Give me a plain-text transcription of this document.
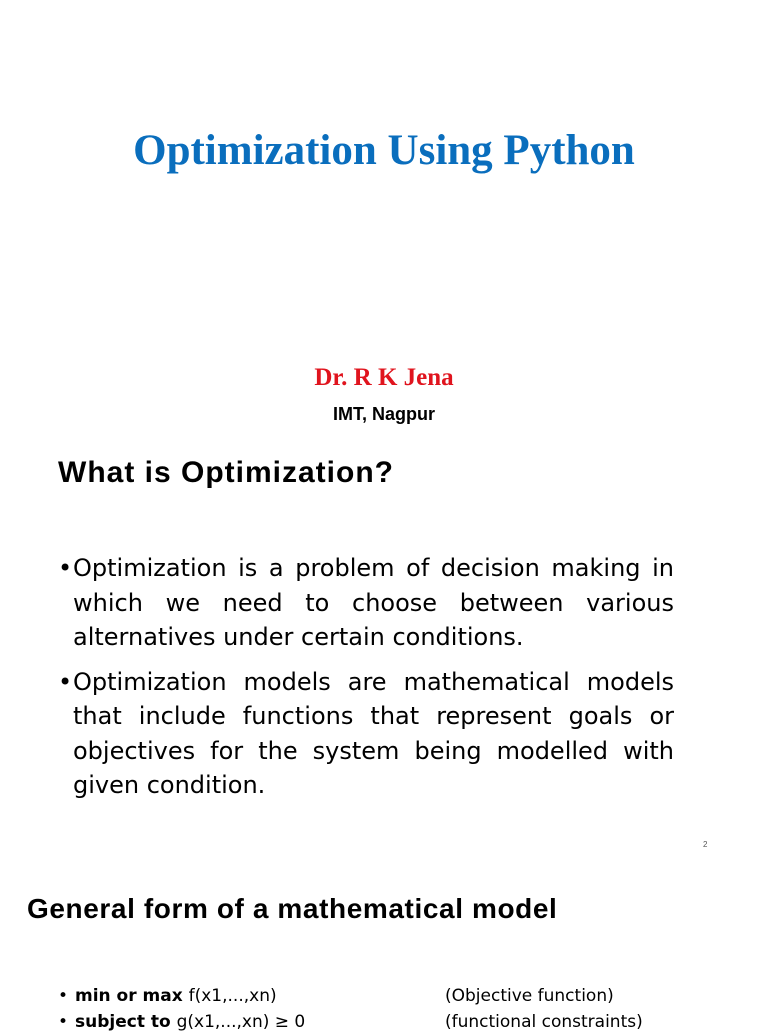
Optimization Using Python
Dr. R K Jena
IMT, Nagpur
What is Optimization?
• Optimization is a problem of decision making in which we need to choose between various alternatives under certain conditions.
• Optimization models are mathematical models that include functions that represent goals or objectives for the system being modelled with given condition.
2
General form of a mathematical model
• min or max f(x1,...,xn)	(Objective function)
• subject to g(x1,...,xn) ≥ 0	(functional constraints)
